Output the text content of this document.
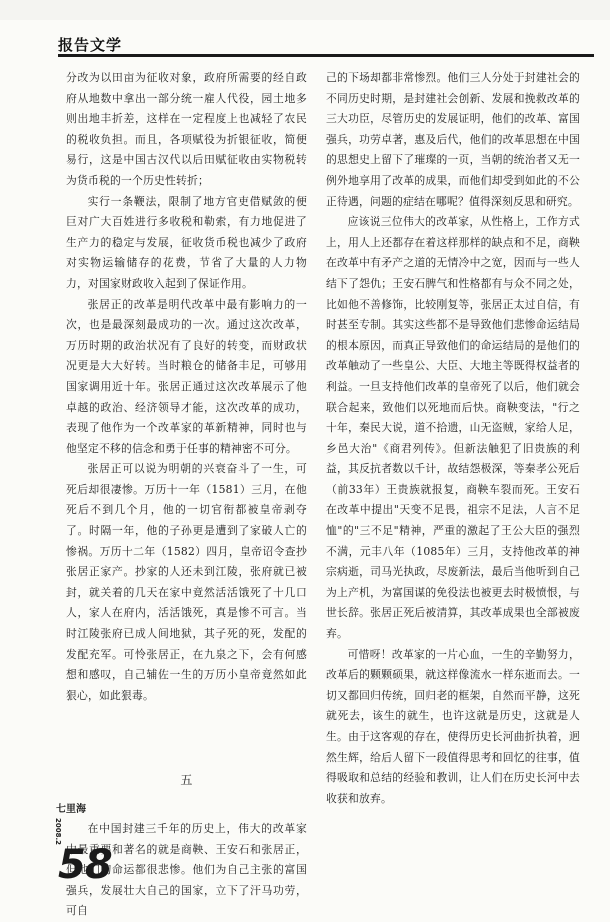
报告文学

分改为以田亩为征收对象，政府所需要的经自政府从地数中拿出一部分统一雇人代役，园土地多则出地丰折差，这样在一定程度上也减轻了农民的税收负担。而且，各项赋役为折银征收，简便易行，这是中国古汉代以后田赋征收由实物税转为货币税的一个历史性转折；

实行一条鞭法，限制了地方官吏借赋敛的便巨对广大百姓进行多收税和勒索，有力地促进了生产力的稳定与发展，征收货币税也减少了政府对实物运输储存的花费，节省了大量的人力物力，对国家财政收入起到了保证作用。

张居正的改革是明代改革中最有影响力的一次，也是最深刻最成功的一次。通过这次改革，万历时期的政治状况有了良好的转变，而财政状况更是大大好转。当时粮仓的储备丰足，可够用国家调用近十年。张居正通过这次改革展示了他卓越的政治、经济领导才能，这次改革的成功，表现了他作为一个改革家的革新精神，同时也与他坚定不移的信念和勇于任事的精神密不可分。

张居正可以说为明朝的兴衰奋斗了一生，可死后却很凄惨。万历十一年（1581）三月，在他死后不到几个月，他的一切官衔都被皇帝剥夺了。时隔一年，他的子孙更是遭到了家破人亡的惨祸。万历十二年（1582）四月，皇帝诏令查抄张居正家产。抄家的人还未到江陵，张府就已被封，就关着的几天在家中竟然活活饿死了十几口人，家人在府内，活活饿死，真是惨不可言。当时江陵张府已成人间地狱，其子死的死，发配的发配充军。可怜张居正，在九泉之下，会有何感想和感叹，自己辅佐一生的万历小皇帝竟然如此狠心，如此狠毒。

五

在中国封建三千年的历史上，伟大的改革家中最重要和著名的就是商鞅、王安石和张居正，但他们的命运都很悲惨。他们为自己主张的富国强兵，发展壮大自己的国家，立下了汗马功劳，可自

己的下场却都非常惨烈。他们三人分处于封建社会的不同历史时期，是封建社会创新、发展和挽救改革的三大功臣，尽管历史的发展证明，他们的改革、富国强兵，功劳卓著，惠及后代，他们的改革思想在中国的思想史上留下了璀璨的一页，当朝的统治者又无一例外地享用了改革的成果，而他们却受到如此的不公正待遇，问题的症结在哪呢？值得深刻反思和研究。

应该说三位伟大的改革家，从性格上，工作方式上，用人上还都存在着这样那样的缺点和不足，商鞅在改革中有矛产之道的无情冷中之宽，因而与一些人结下了怨仇；王安石脾气和性格都有与众不同之处，比如他不善修饰，比较刚复等，张居正太过自信，有时甚至专制。其实这些都不是导致他们悲惨命运结局的根本原因，而真正导致他们的命运结局的是他们的改革触动了一些皇公、大臣、大地主等既得权益者的利益。一旦支持他们改革的皇帝死了以后，他们就会联合起来，致他们以死地而后快。商鞅变法，"行之十年，秦民大说，道不拾遗，山无盗贼，家给人足，乡邑大治"《商君列传》。但新法触犯了旧贵族的利益，其反抗者数以千计，故结怨极深，等秦孝公死后（前33年）王贵族就报复，商鞅车裂而死。王安石在改革中提出"天变不足畏，祖宗不足法，人言不足恤"的"三不足"精神，严重的激起了王公大臣的强烈不满，元丰八年（1085年）三月，支持他改革的神宗病逝，司马光执政，尽废新法，最后当他听到自己为上产机，为富国谋的免役法也被更去时极愤恨，与世长辞。张居正死后被清算，其改革成果也全部被废弃。

可惜呀！改革家的一片心血，一生的辛勤努力，改革后的颗颗硕果，就这样像流水一样东逝而去。一切又都回归传统，回归老的框架，自然而平静，这死就死去，该生的就生，也许这就是历史，这就是人生。由于这客观的存在，使得历史长河曲折执着，迥然生辉，给后人留下一段值得思考和回忆的往事，值得吸取和总结的经验和教训，让人们在历史长河中去收获和放弃。

七里海
2008.2
58
